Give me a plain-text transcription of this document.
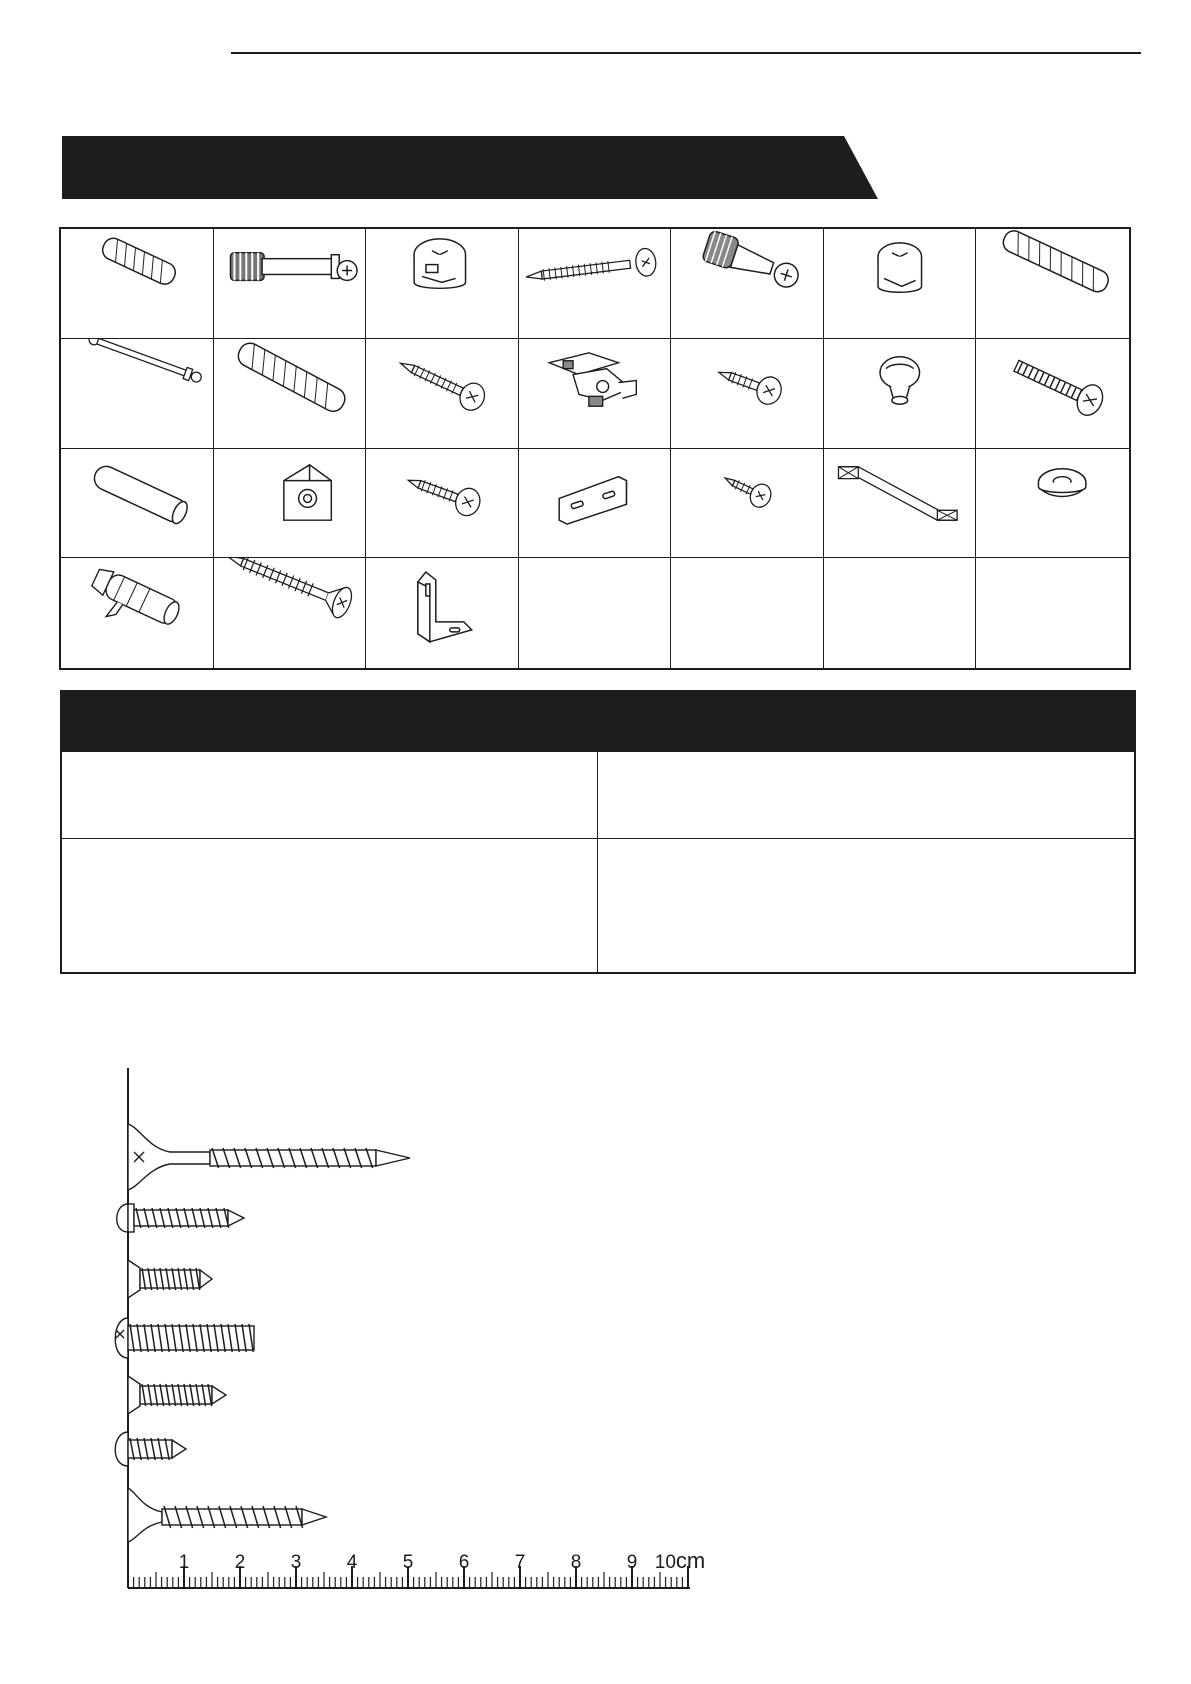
1 2 3 4 5 6 7 8 9 10cm
